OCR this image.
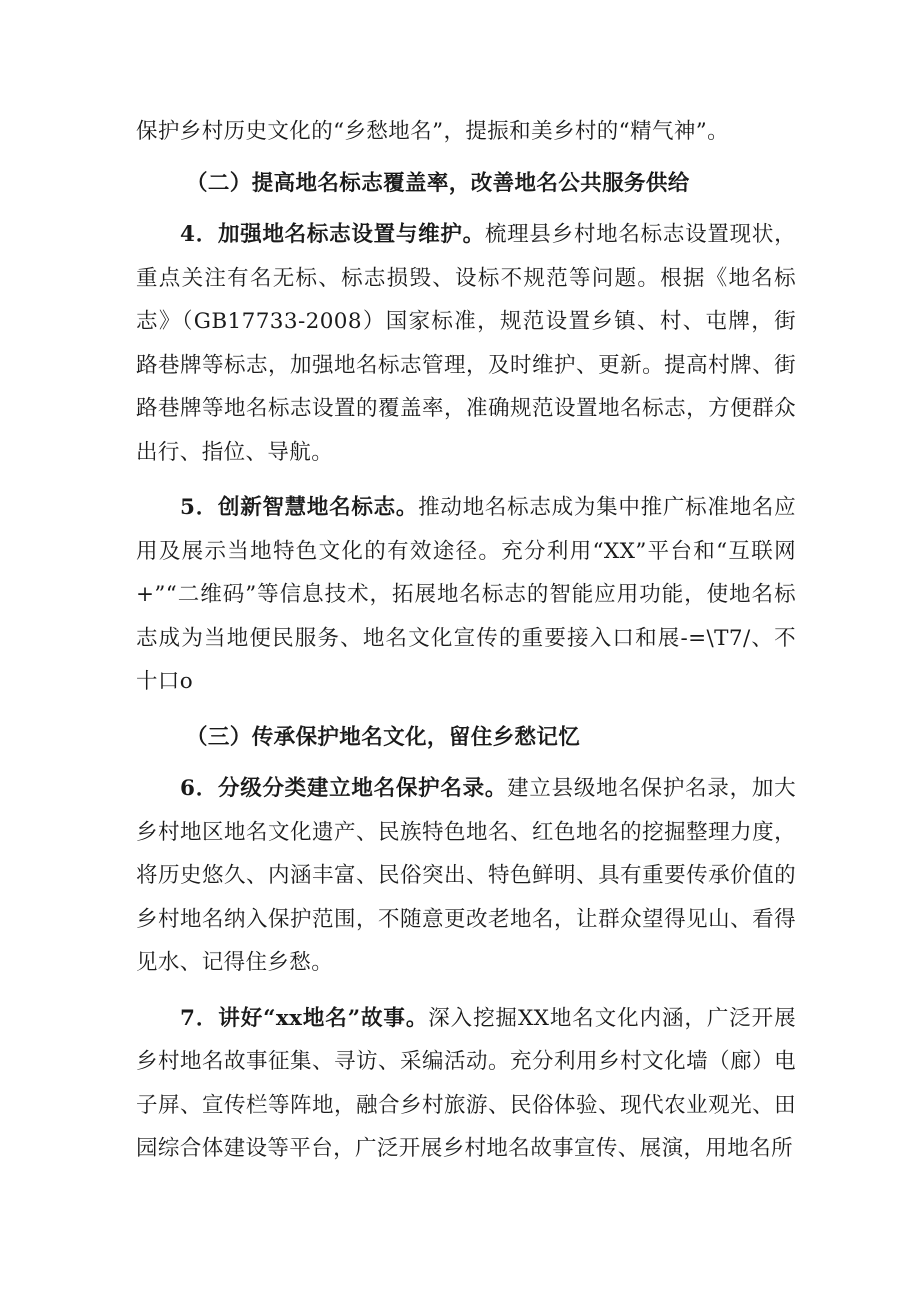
保护乡村历史文化的“乡愁地名”，提振和美乡村的“精气神”。

（二）提高地名标志覆盖率，改善地名公共服务供给

4．加强地名标志设置与维护。梳理县乡村地名标志设置现状，重点关注有名无标、标志损毁、设标不规范等问题。根据《地名标志》（GB17733-2008）国家标准，规范设置乡镇、村、屯牌，街路巷牌等标志，加强地名标志管理，及时维护、更新。提高村牌、街路巷牌等地名标志设置的覆盖率，准确规范设置地名标志，方便群众出行、指位、导航。

5．创新智慧地名标志。推动地名标志成为集中推广标准地名应用及展示当地特色文化的有效途径。充分利用“XX”平台和“互联网+”“二维码”等信息技术，拓展地名标志的智能应用功能，使地名标志成为当地便民服务、地名文化宣传的重要接入口和展-=\T7/、不十口o

（三）传承保护地名文化，留住乡愁记忆

6．分级分类建立地名保护名录。建立县级地名保护名录，加大乡村地区地名文化遗产、民族特色地名、红色地名的挖掘整理力度，将历史悠久、内涵丰富、民俗突出、特色鲜明、具有重要传承价值的乡村地名纳入保护范围，不随意更改老地名，让群众望得见山、看得见水、记得住乡愁。

7．讲好“xx地名”故事。深入挖掘XX地名文化内涵，广泛开展乡村地名故事征集、寻访、采编活动。充分利用乡村文化墙（廊）电子屏、宣传栏等阵地，融合乡村旅游、民俗体验、现代农业观光、田园综合体建设等平台，广泛开展乡村地名故事宣传、展演，用地名所
